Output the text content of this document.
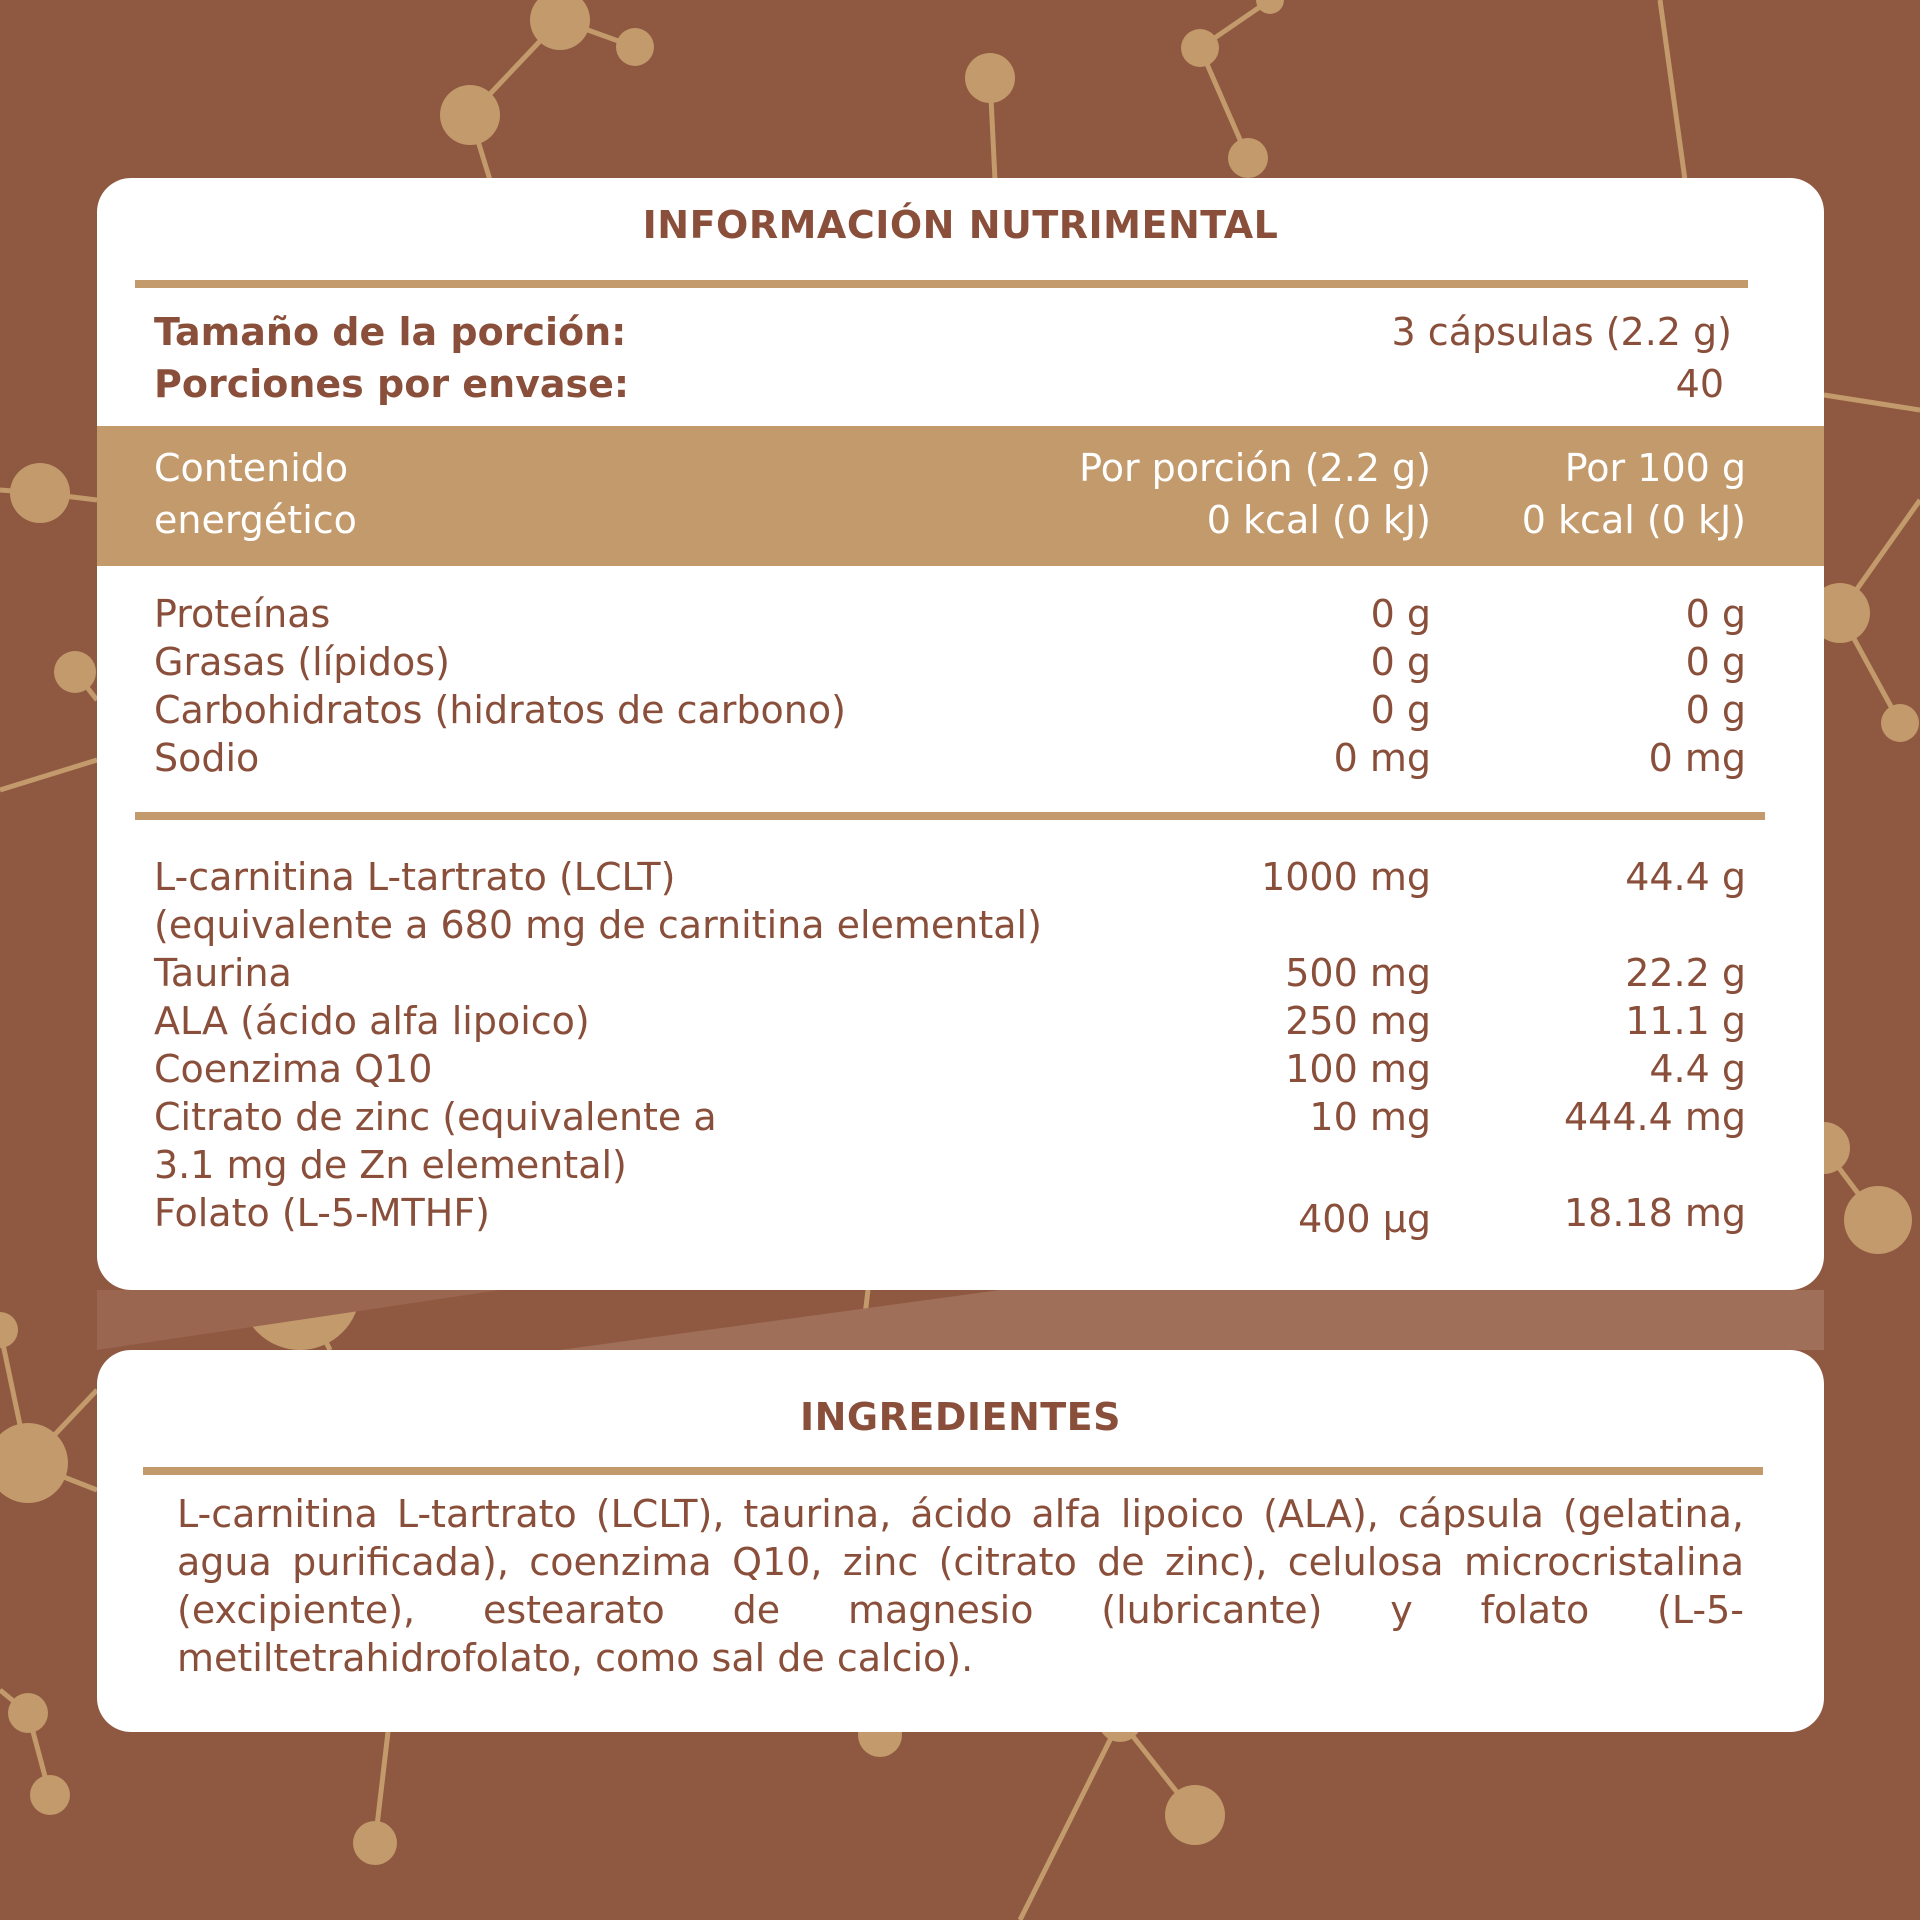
INFORMACIÓN NUTRIMENTAL
Tamaño de la porción:	3 cápsulas (2.2 g)
Porciones por envase:	40
Contenido	Por porción (2.2 g)	Por 100 g
energético	0 kcal (0 kJ) 0 kcal (0 kJ)
Proteínas	0 g	0 g
Grasas (lípidos)	0 g	0 g
Carbohidratos (hidratos de carbono)	0 g	0 g
Sodio	0 mg	0 mg
L-carnitina L-tartrato (LCLT)	1000 mg	44.4 g
(equivalente a 680 mg de carnitina elemental)
Taurina	500 mg	22.2 g
ALA (ácido alfa lipoico)	250 mg	11.1 g
Coenzima Q10	100 mg	4.4 g
Citrato de zinc (equivalente a	10 mg	444.4 mg
3.1 mg de Zn elemental)
Folato (L-5-MTHF)	400 µg	18.18 mg
INGREDIENTES
L-carnitina L-tartrato (LCLT), taurina, ácido alfa lipoico (ALA), cápsula (gelatina, agua purificada), coenzima Q10, zinc (citrato de zinc), celulosa microcristalina (excipiente), estearato de magnesio (lubricante) y folato (L-5-metiltetrahidrofolato, como sal de calcio).
